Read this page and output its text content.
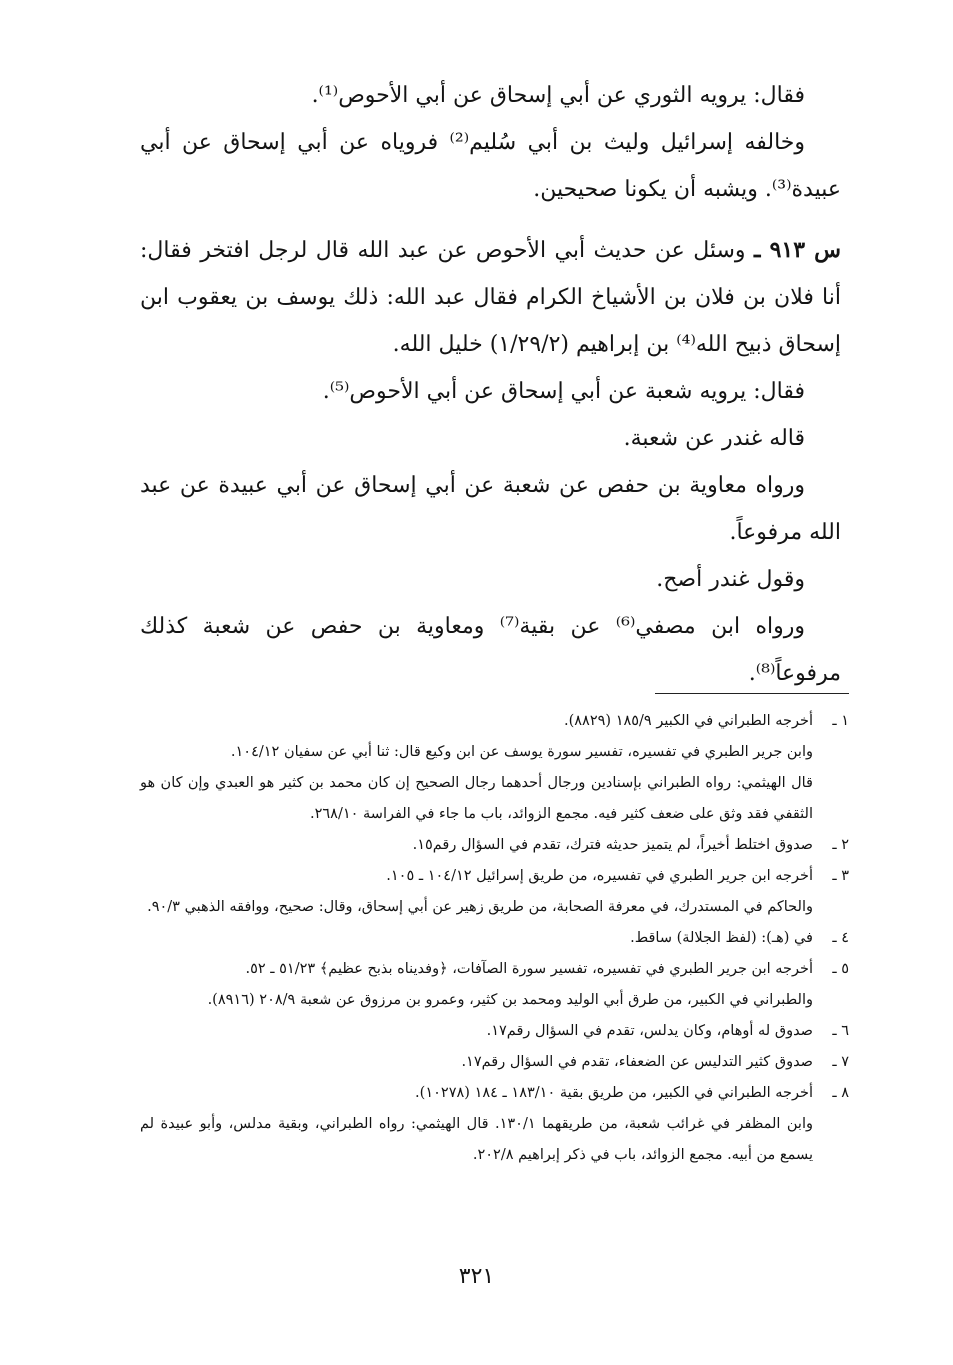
فقال: يرويه الثوري عن أبي إسحاق عن أبي الأحوص⁽¹⁾.

وخالفه إسرائيل وليث بن أبي سُليم⁽²⁾ فروياه عن أبي إسحاق عن أبي عبيدة⁽³⁾. ويشبه أن يكونا صحيحين.

س ٩١٣ ـ وسئل عن حديث أبي الأحوص عن عبد الله قال لرجل افتخر فقال: أنا فلان بن فلان بن الأشياخ الكرام فقال عبد الله: ذلك يوسف بن يعقوب ابن إسحاق ذبيح الله⁽⁴⁾ بن إبراهيم (١/٢٩/٢) خليل الله.

فقال: يرويه شعبة عن أبي إسحاق عن أبي الأحوص⁽⁵⁾.

قاله غندر عن شعبة.

ورواه معاوية بن حفص عن شعبة عن أبي إسحاق عن أبي عبيدة عن عبد الله مرفوعاً.

وقول غندر أصح.

ورواه ابن مصفي⁽⁶⁾ عن بقية⁽⁷⁾ ومعاوية بن حفص عن شعبة كذلك مرفوعاً⁽⁸⁾.

١ ـ
أخرجه الطبراني في الكبير ١٨٥/٩ (٨٨٢٩).

وابن جرير الطبري في تفسيره، تفسير سورة يوسف عن ابن وكيع قال: ثنا أبي عن سفيان ١٠٤/١٢.

قال الهيثمي: رواه الطبراني بإسنادين ورجال أحدهما رجال الصحيح إن كان محمد بن كثير هو العبدي وإن كان هو الثقفي فقد وثق على ضعف كثير فيه. مجمع الزوائد، باب ما جاء في الفراسة ٢٦٨/١٠.

٢ ـ
صدوق اختلط أخيراً، لم يتميز حديثه فترك، تقدم في السؤال رقم١٥.
٣ ـ
أخرجه ابن جرير الطبري في تفسيره، من طريق إسرائيل ١٠٤/١٢ ـ ١٠٥.

والحاكم في المستدرك، في معرفة الصحابة، من طريق زهير عن أبي إسحاق، وقال: صحيح، ووافقه الذهبي ٩٠/٣.

٤ ـ
في (هـ): (لفظ الجلالة) ساقط.
٥ ـ
أخرجه ابن جرير الطبري في تفسيره، تفسير سورة الصآفات، ﴿وفديناه بذبح عظيم﴾ ٥١/٢٣ ـ ٥٢.

والطبراني في الكبير، من طرق أبي الوليد ومحمد بن كثير، وعمرو بن مرزوق عن شعبة ٢٠٨/٩ (٨٩١٦).

٦ ـ
صدوق له أوهام، وكان يدلس، تقدم في السؤال رقم١٧.
٧ ـ
صدوق كثير التدليس عن الضعفاء، تقدم في السؤال رقم١٧.
٨ ـ
أخرجه الطبراني في الكبير، من طريق بقية ١٨٣/١٠ ـ ١٨٤ (١٠٢٧٨).

وابن المظفر في غرائب شعبة، من طريقهما ١٣٠/١. قال الهيثمي: رواه الطبراني، وبقية مدلس، وأبو عبيدة لم يسمع من أبيه. مجمع الزوائد، باب في ذكر إبراهيم ٢٠٢/٨.

٣٢١
